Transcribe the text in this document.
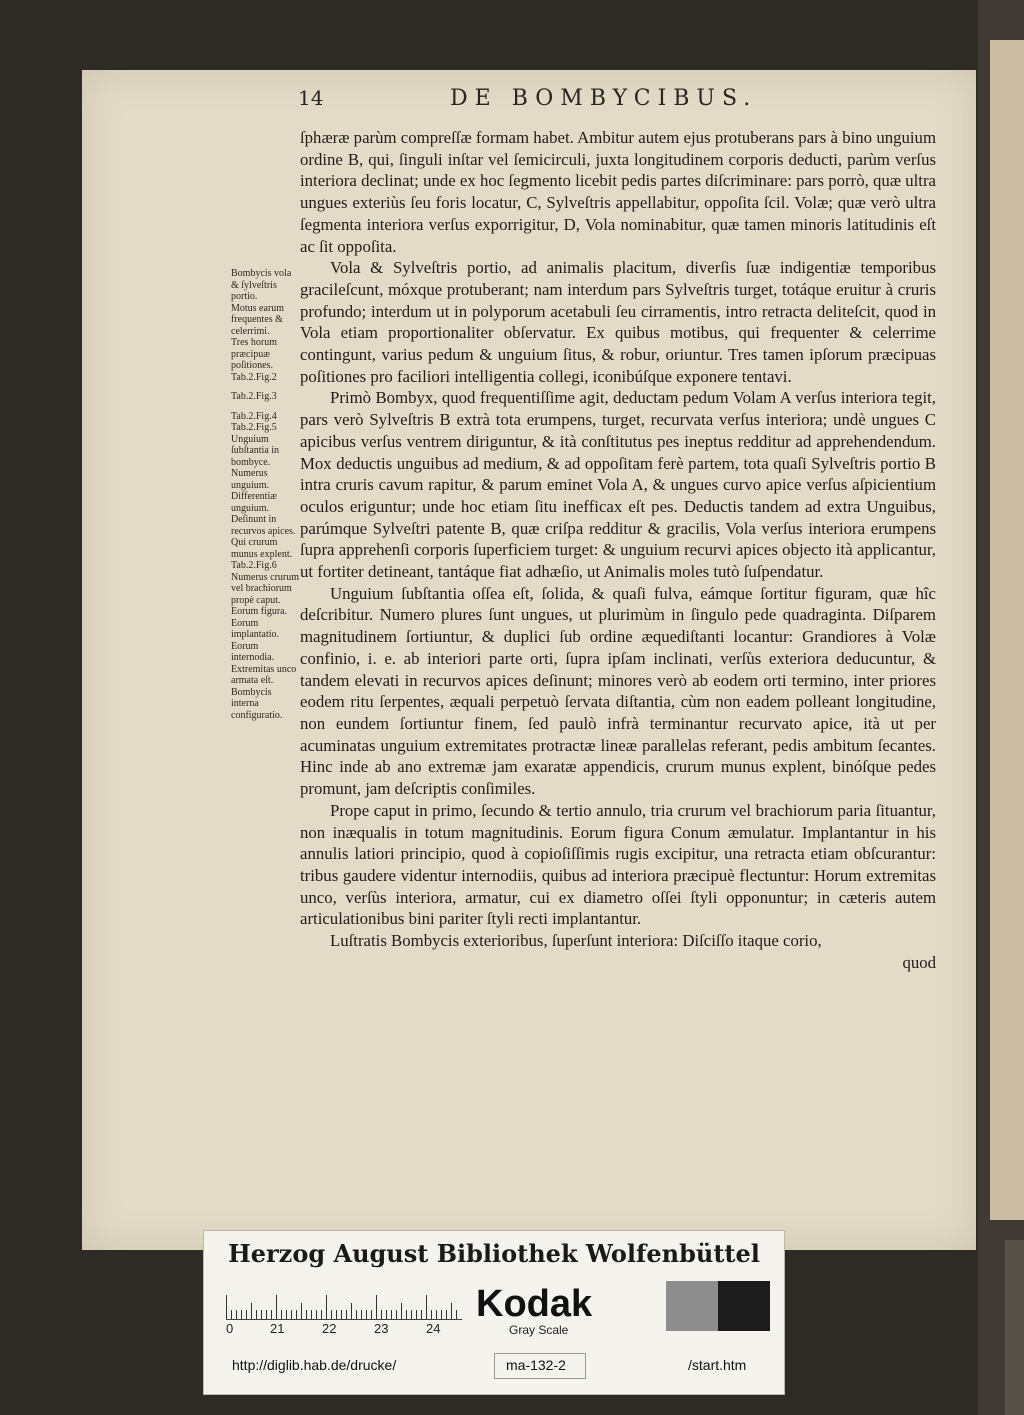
14	DE BOMBYCIBUS.
Bombycis vola & ſylveſtris portio.
Motus earum frequentes & celerrimi.
Tres horum præcipuæ poſitiones.
Tab.2.Fig.2
Tab.2.Fig.3
Tab.2.Fig.4
Tab.2.Fig.5
Unguium ſubſtantia in bombyce.
Numerus unguium.
Differentiæ unguium.
Deſinunt in recurvos apices.
Qui crurum munus explent.
Tab.2.Fig.6
Numerus crurum vel brachiorum propè caput.
Eorum figura.
Eorum implantatio.
Eorum internodia.
Extremitas unco armata eſt.
Bombycis interna configuratio.

ſphæræ parùm compreſſæ formam habet. Ambitur autem ejus protuberans pars à bino unguium ordine B, qui, ſinguli inſtar vel ſemicirculi, juxta longitudinem corporis deducti, parùm verſus interiora declinat; unde ex hoc ſegmento licebit pedis partes diſcriminare: pars porrò, quæ ultra ungues exteriùs ſeu foris locatur, C, Sylveſtris appellabitur, oppoſita ſcil. Volæ; quæ verò ultra ſegmenta interiora verſus exporrigitur, D, Vola nominabitur, quæ tamen minoris latitudinis eſt ac ſit oppoſita.

Vola & Sylveſtris portio, ad animalis placitum, diverſis ſuæ indigentiæ temporibus gracileſcunt, móxque protuberant; nam interdum pars Sylveſtris turget, totáque eruitur à cruris profundo; interdum ut in polyporum acetabuli ſeu cirramentis, intro retracta deliteſcit, quod in Vola etiam proportionaliter obſervatur. Ex quibus motibus, qui frequenter & celerrime contingunt, varius pedum & unguium ſitus, & robur, oriuntur. Tres tamen ipſorum præcipuas poſitiones pro faciliori intelligentia collegi, iconibúſque exponere tentavi.

Primò Bombyx, quod frequentiſſime agit, deductam pedum Volam A verſus interiora tegit, pars verò Sylveſtris B extrà tota erumpens, turget, recurvata verſus interiora; undè ungues C apicibus verſus ventrem diriguntur, & ità conſtitutus pes ineptus redditur ad apprehendendum. Mox deductis unguibus ad medium, & ad oppoſitam ferè partem, tota quaſi Sylveſtris portio B intra cruris cavum rapitur, & parum eminet Vola A, & ungues curvo apice verſus aſpicientium oculos eriguntur; unde hoc etiam ſitu inefficax eſt pes. Deductis tandem ad extra Unguibus, parúmque Sylveſtri patente B, quæ criſpa redditur & gracilis, Vola verſus interiora erumpens ſupra apprehenſi corporis ſuperficiem turget: & unguium recurvi apices objecto ità applicantur, ut fortiter detineant, tantáque fiat adhæſio, ut Animalis moles tutò ſuſpendatur.

Unguium ſubſtantia oſſea eſt, ſolida, & quaſi fulva, eámque ſortitur figuram, quæ hîc deſcribitur. Numero plures ſunt ungues, ut plurimùm in ſingulo pede quadraginta. Diſparem magnitudinem ſortiuntur, & duplici ſub ordine æquediſtanti locantur: Grandiores à Volæ confinio, i. e. ab interiori parte orti, ſupra ipſam inclinati, verſùs exteriora deducuntur, & tandem elevati in recurvos apices deſinunt; minores verò ab eodem orti termino, inter priores eodem ritu ſerpentes, æquali perpetuò ſervata diſtantia, cùm non eadem polleant longitudine, non eundem ſortiuntur finem, ſed paulò infrà terminantur recurvato apice, ità ut per acuminatas unguium extremitates protractæ lineæ parallelas referant, pedis ambitum ſecantes. Hinc inde ab ano extremæ jam exaratæ appendicis, crurum munus explent, binóſque pedes promunt, jam deſcriptis conſimiles.

Prope caput in primo, ſecundo & tertio annulo, tria crurum vel brachiorum paria ſituantur, non inæqualis in totum magnitudinis. Eorum figura Conum æmulatur. Implantantur in his annulis latiori principio, quod à copioſiſſimis rugis excipitur, una retracta etiam obſcurantur: tribus gaudere videntur internodiis, quibus ad interiora præcipuè flectuntur: Horum extremitas unco, verſùs interiora, armatur, cui ex diametro oſſei ſtyli opponuntur; in cæteris autem articulationibus bini pariter ſtyli recti implantantur.

Luſtratis Bombycis exterioribus, ſuperſunt interiora: Diſciſſo itaque corio,

quod

Herzog August Bibliothek Wolfenbüttel
0	21	22	23	24
Kodak
Gray Scale
http://diglib.hab.de/drucke/	ma-132-2	/start.htm
